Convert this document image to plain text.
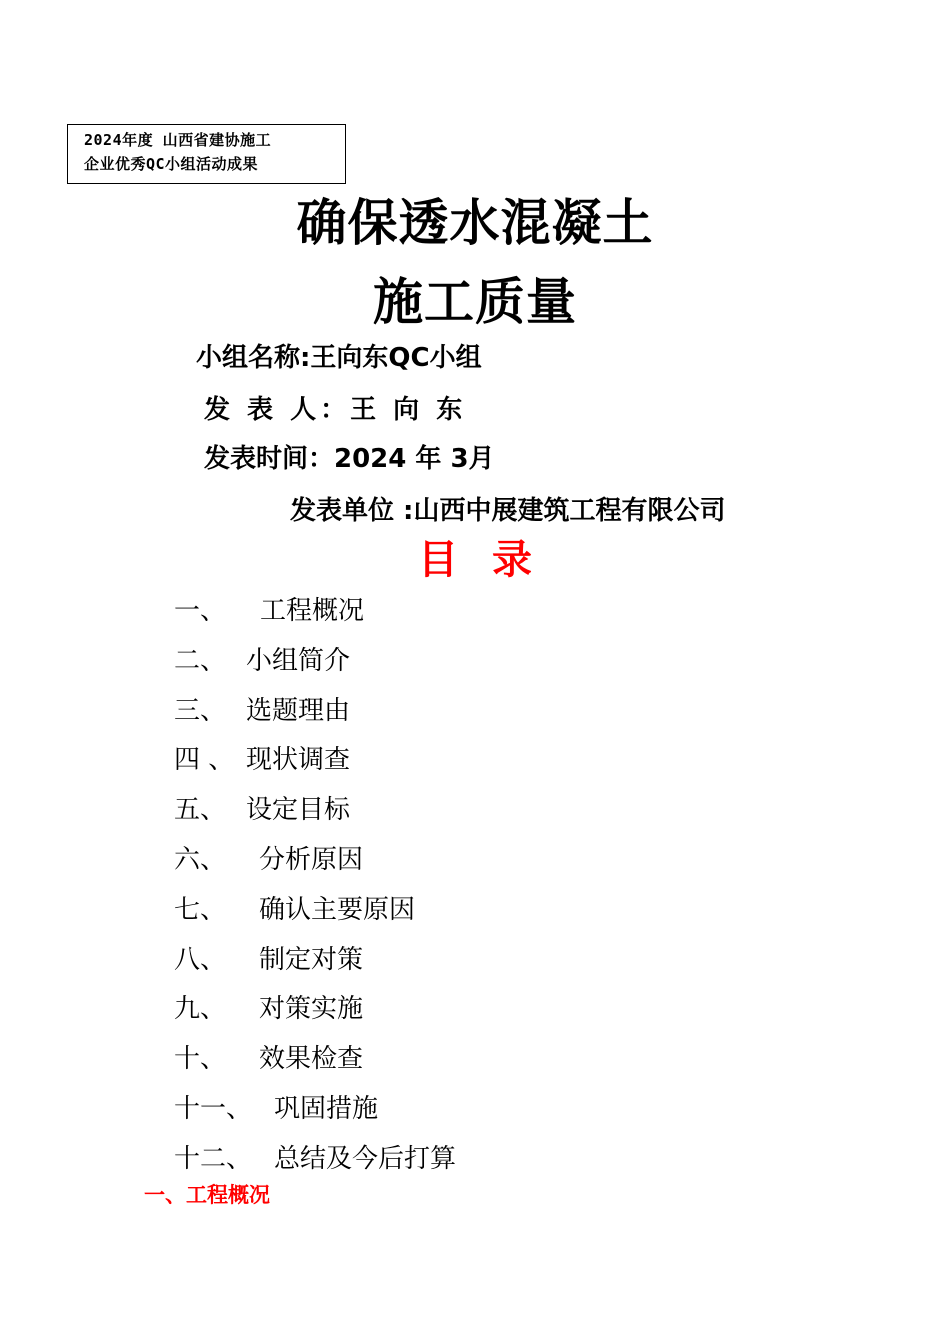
2024年度 山西省建协施工
企业优秀QC小组活动成果
确保透水混凝土
施工质量
小组名称:王向东QC小组
发 表 人：王 向 东
发表时间：2024 年 3月
发表单位 :山西中展建筑工程有限公司
目录
一、 工程概况
二、 小组简介
三、 选题理由
四 、 现状调查
五、 设定目标
六、 分析原因
七、 确认主要原因
八、 制定对策
九、 对策实施
十、 效果检查
十一、 巩固措施
十二、 总结及今后打算
一、工程概况
